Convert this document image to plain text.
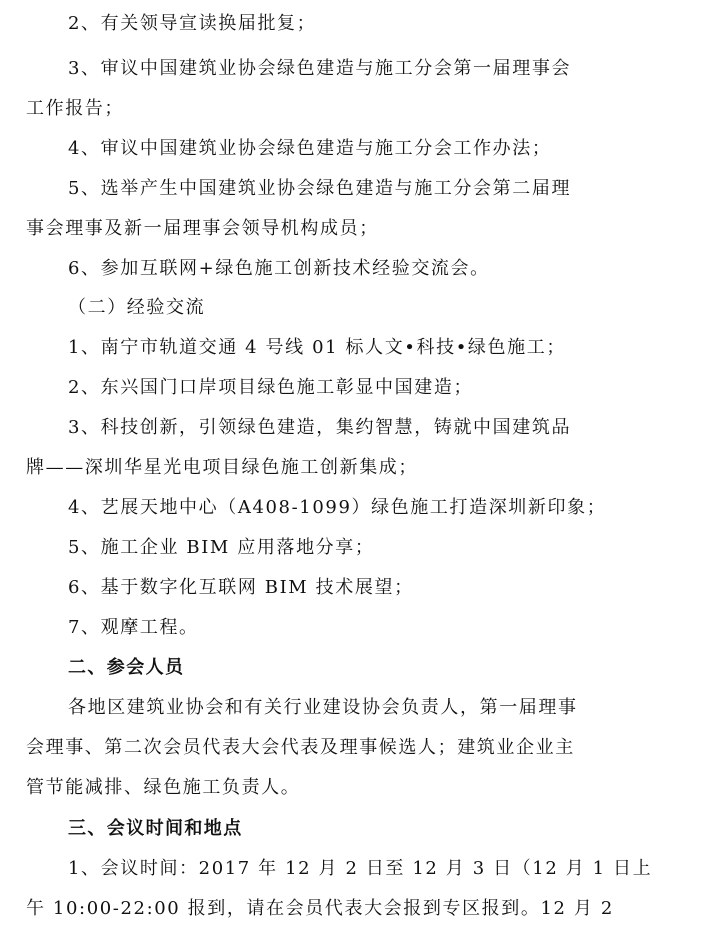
2、有关领导宣读换届批复；
3、审议中国建筑业协会绿色建造与施工分会第一届理事会
工作报告；
4、审议中国建筑业协会绿色建造与施工分会工作办法；
5、选举产生中国建筑业协会绿色建造与施工分会第二届理
事会理事及新一届理事会领导机构成员；
6、参加互联网+绿色施工创新技术经验交流会。
（二）经验交流
1、南宁市轨道交通 4 号线 01 标人文•科技•绿色施工；
2、东兴国门口岸项目绿色施工彰显中国建造；
3、科技创新，引领绿色建造，集约智慧，铸就中国建筑品
牌——深圳华星光电项目绿色施工创新集成；
4、艺展天地中心（A408-1099）绿色施工打造深圳新印象；
5、施工企业 BIM 应用落地分享；
6、基于数字化互联网 BIM 技术展望；
7、观摩工程。
二、参会人员
各地区建筑业协会和有关行业建设协会负责人，第一届理事
会理事、第二次会员代表大会代表及理事候选人；建筑业企业主
管节能减排、绿色施工负责人。
三、会议时间和地点
1、会议时间：2017 年 12 月 2 日至 12 月 3 日（12 月 1 日上
午 10:00-22:00 报到，请在会员代表大会报到专区报到。12 月 2
